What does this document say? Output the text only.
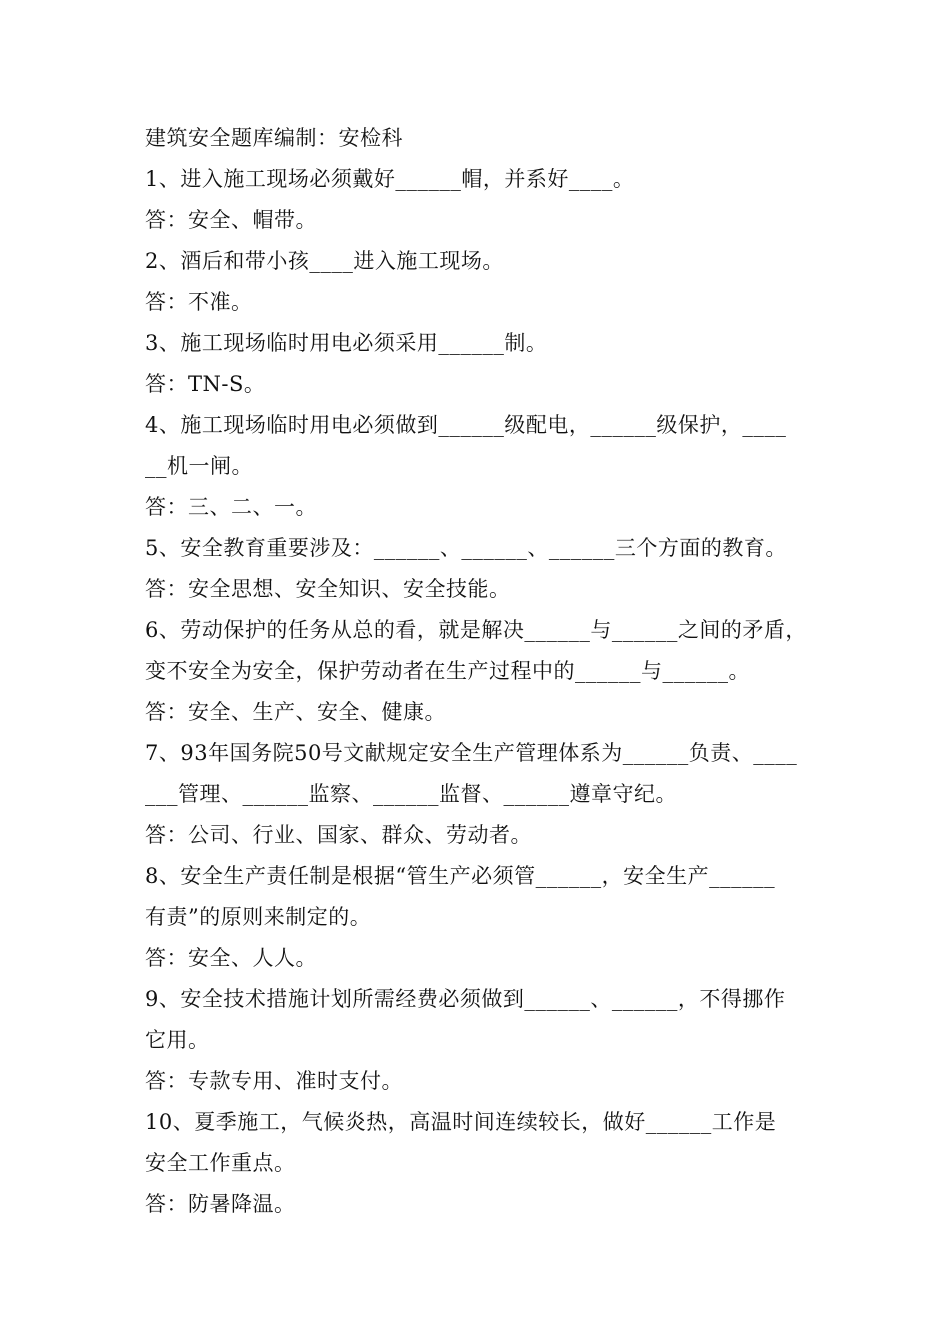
建筑安全题库编制：安检科
1、进入施工现场必须戴好______帽，并系好____。
答：安全、帽带。
2、酒后和带小孩____进入施工现场。
答：不准。
3、施工现场临时用电必须采用______制。
答：TN-S。
4、施工现场临时用电必须做到______级配电，______级保护，____
__机一闸。
答：三、二、一。
5、安全教育重要涉及：______、______、______三个方面的教育。
答：安全思想、安全知识、安全技能。
6、劳动保护的任务从总的看，就是解决______与______之间的矛盾，
变不安全为安全，保护劳动者在生产过程中的______与______。
答：安全、生产、安全、健康。
7、93年国务院50号文献规定安全生产管理体系为______负责、____
___管理、______监察、______监督、______遵章守纪。
答：公司、行业、国家、群众、劳动者。
8、安全生产责任制是根据“管生产必须管______，安全生产______
有责”的原则来制定的。
答：安全、人人。
9、安全技术措施计划所需经费必须做到______、______，不得挪作
它用。
答：专款专用、准时支付。
10、夏季施工，气候炎热，高温时间连续较长，做好______工作是
安全工作重点。
答：防暑降温。
